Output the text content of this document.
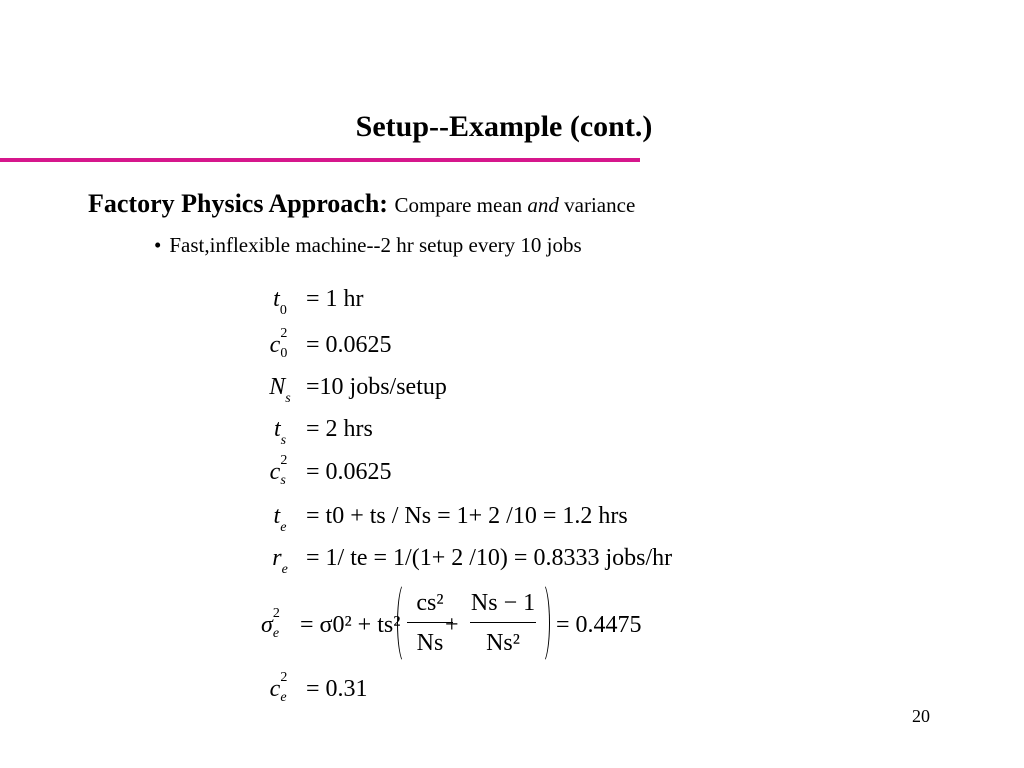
Setup--Example (cont.)
Factory Physics Approach: Compare mean and variance
• Fast,inflexible machine--2 hr setup every 10 jobs
$t_0 = 1$ hr
c 2
0 = 0.0625
$N_s =10$ jobs/setup
$t_s = 2$ hrs
c 2
s = 0.0625
$t_e = t0$ + ts / Ns = 1+ 2 /10 = 1.2 hrs
$r_e = 1/$ te = 1/(1+ 2 /10) = 0.8333 jobs/hr
σ 2
e = σ0² + ts²
cs²
Ns
+
Ns − 1
Ns²
= 0.4475
c 2
e = 0.31
20
